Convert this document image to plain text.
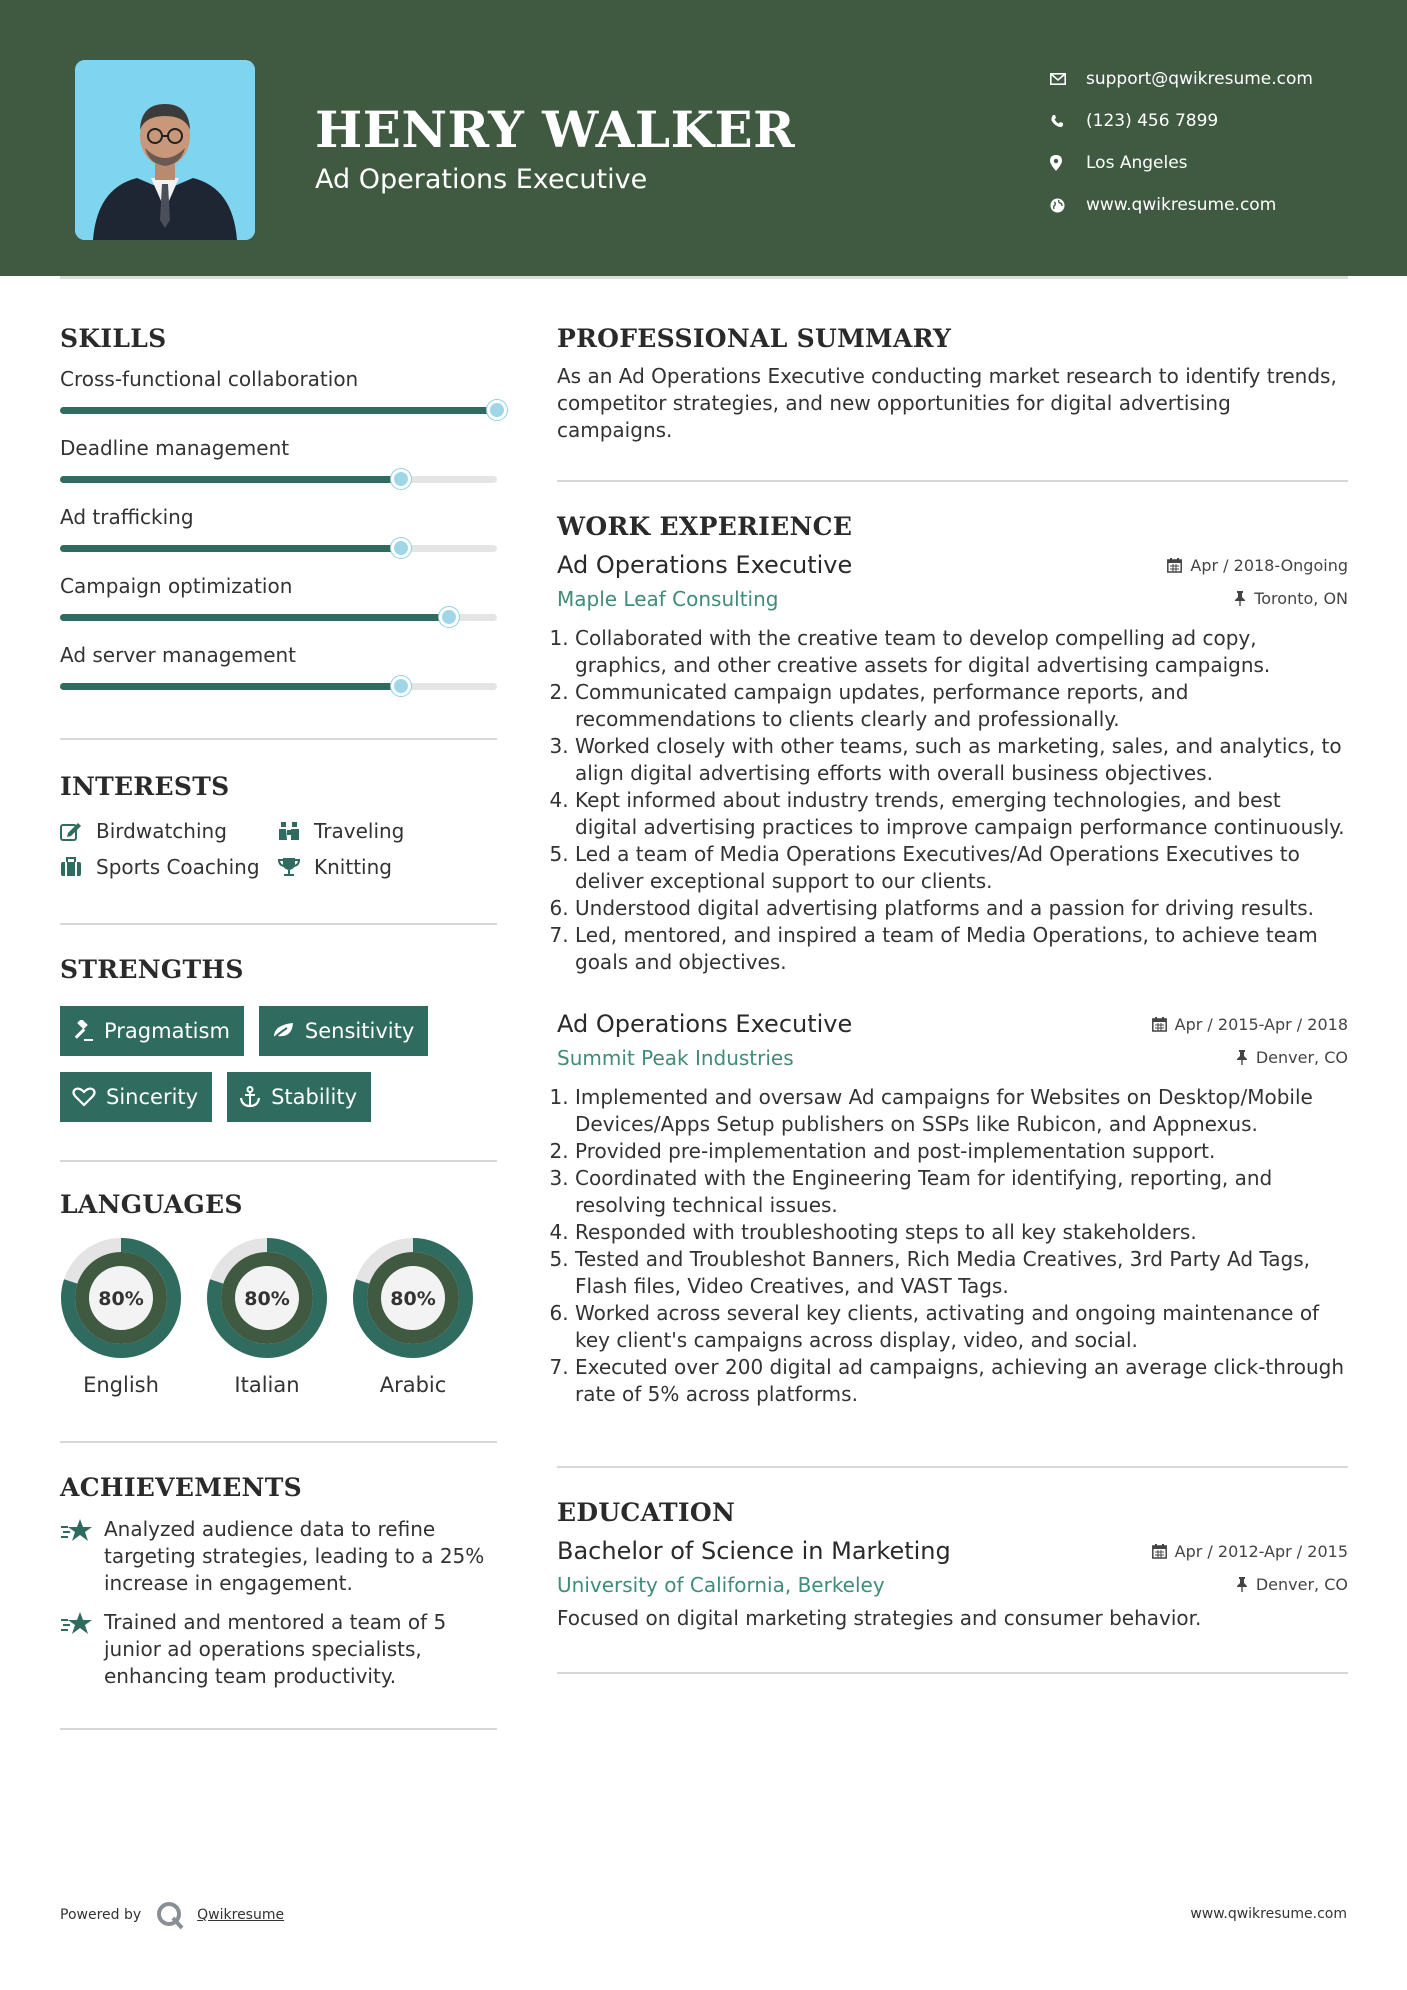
HENRY WALKER
Ad Operations Executive
support@qwikresume.com
(123) 456 7899
Los Angeles
www.qwikresume.com
SKILLS
Cross-functional collaboration
Deadline management
Ad trafficking
Campaign optimization
Ad server management
INTERESTS
Birdwatching	Traveling
Sports Coaching	Knitting
STRENGTHS
Pragmatism	Sensitivity
Sincerity	Stability
LANGUAGES
80%
English
80%
Italian
80%
Arabic
ACHIEVEMENTS
Analyzed audience data to refine targeting strategies, leading to a 25% increase in engagement.
Trained and mentored a team of 5 junior ad operations specialists, enhancing team productivity.
PROFESSIONAL SUMMARY
As an Ad Operations Executive conducting market research to identify trends, competitor strategies, and new opportunities for digital advertising campaigns.
WORK EXPERIENCE
Ad Operations Executive	Apr / 2018-Ongoing
Maple Leaf Consulting	Toronto, ON
1. Collaborated with the creative team to develop compelling ad copy, graphics, and other creative assets for digital advertising campaigns.
2. Communicated campaign updates, performance reports, and recommendations to clients clearly and professionally.
3. Worked closely with other teams, such as marketing, sales, and analytics, to align digital advertising efforts with overall business objectives.
4. Kept informed about industry trends, emerging technologies, and best digital advertising practices to improve campaign performance continuously.
5. Led a team of Media Operations Executives/Ad Operations Executives to deliver exceptional support to our clients.
6. Understood digital advertising platforms and a passion for driving results.
7. Led, mentored, and inspired a team of Media Operations, to achieve team goals and objectives.
Ad Operations Executive	Apr / 2015-Apr / 2018
Summit Peak Industries	Denver, CO
1. Implemented and oversaw Ad campaigns for Websites on Desktop/Mobile Devices/Apps Setup publishers on SSPs like Rubicon, and Appnexus.
2. Provided pre-implementation and post-implementation support.
3. Coordinated with the Engineering Team for identifying, reporting, and resolving technical issues.
4. Responded with troubleshooting steps to all key stakeholders.
5. Tested and Troubleshot Banners, Rich Media Creatives, 3rd Party Ad Tags, Flash files, Video Creatives, and VAST Tags.
6. Worked across several key clients, activating and ongoing maintenance of key client's campaigns across display, video, and social.
7. Executed over 200 digital ad campaigns, achieving an average click-through rate of 5% across platforms.
EDUCATION
Bachelor of Science in Marketing	Apr / 2012-Apr / 2015
University of California, Berkeley	Denver, CO
Focused on digital marketing strategies and consumer behavior.
Powered by	Qwikresume	www.qwikresume.com
